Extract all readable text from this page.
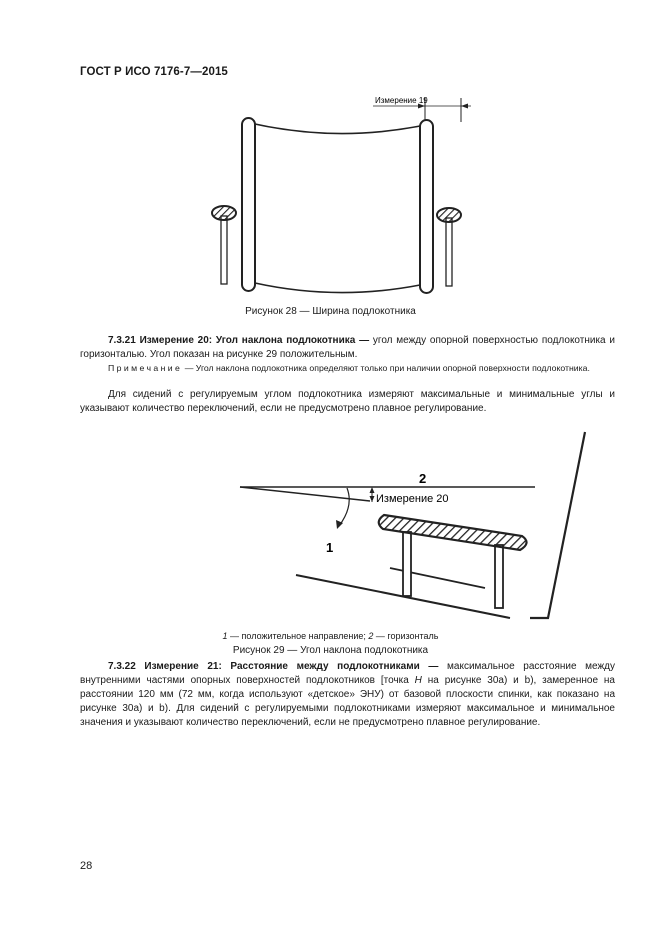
ГОСТ Р ИСО 7176-7—2015
Измерение 19
Рисунок 28 — Ширина подлокотника
7.3.21 Измерение 20: Угол наклона подлокотника — угол между опорной поверхностью подлокотника и горизонталью. Угол показан на рисунке 29 положительным.
Примечание — Угол наклона подлокотника определяют только при наличии опорной поверхности подлокотника.
Для сидений с регулируемым углом подлокотника измеряют максимальные и минимальные углы и указывают количество переключений, если не предусмотрено плавное регулирование.
Измерение 20
2
1
1 — положительное направление; 2 — горизонталь
Рисунок 29 — Угол наклона подлокотника
7.3.22 Измерение 21: Расстояние между подлокотниками — максимальное расстояние между внутренними частями опорных поверхностей подлокотников [точка H на рисунке 30а) и b), замеренное на расстоянии 120 мм (72 мм, когда используют «детское» ЭНУ) от базовой плоскости спинки, как показано на рисунке 30а) и b). Для сидений с регулируемыми подлокотниками измеряют максимальное и минимальное значения и указывают количество переключений, если не предусмотрено плавное регулирование.
28
